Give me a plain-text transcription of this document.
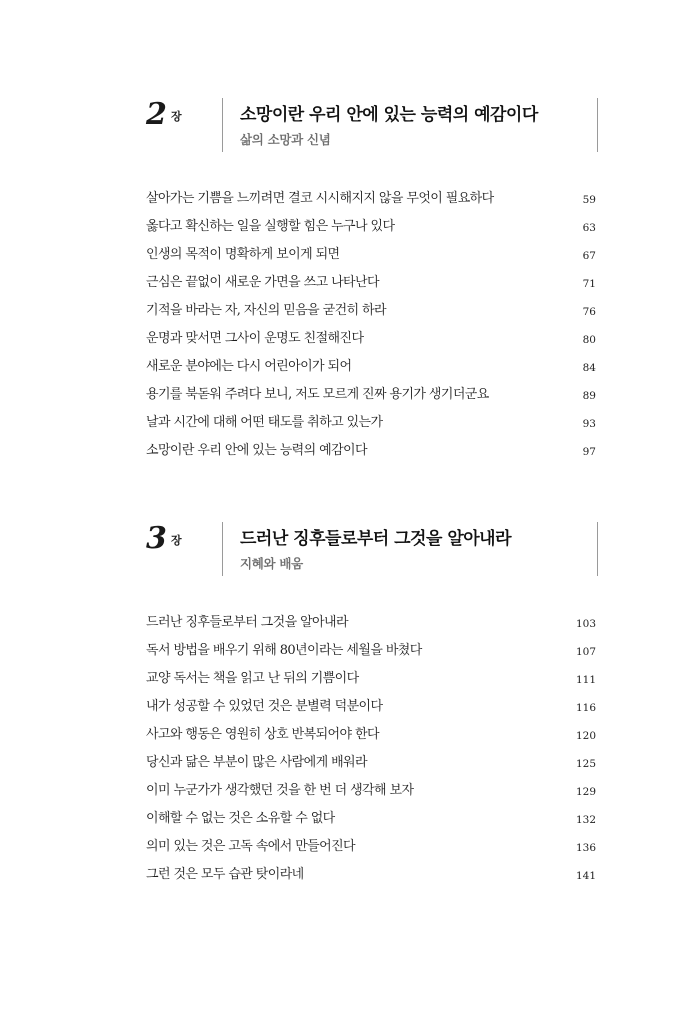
2 장	소망이란 우리 안에 있는 능력의 예감이다
삶의 소망과 신념
살아가는 기쁨을 느끼려면 결코 시시해지지 않을 무엇이 필요하다	59
옳다고 확신하는 일을 실행할 힘은 누구나 있다	63
인생의 목적이 명확하게 보이게 되면	67
근심은 끝없이 새로운 가면을 쓰고 나타난다	71
기적을 바라는 자, 자신의 믿음을 굳건히 하라	76
운명과 맞서면 그사이 운명도 친절해진다	80
새로운 분야에는 다시 어린아이가 되어	84
용기를 북돋워 주려다 보니, 저도 모르게 진짜 용기가 생기더군요	89
날과 시간에 대해 어떤 태도를 취하고 있는가	93
소망이란 우리 안에 있는 능력의 예감이다	97
3 장	드러난 징후들로부터 그것을 알아내라
지혜와 배움
드러난 징후들로부터 그것을 알아내라	103
독서 방법을 배우기 위해 80년이라는 세월을 바쳤다	107
교양 독서는 책을 읽고 난 뒤의 기쁨이다	111
내가 성공할 수 있었던 것은 분별력 덕분이다	116
사고와 행동은 영원히 상호 반복되어야 한다	120
당신과 닮은 부분이 많은 사람에게 배워라	125
이미 누군가가 생각했던 것을 한 번 더 생각해 보자	129
이해할 수 없는 것은 소유할 수 없다	132
의미 있는 것은 고독 속에서 만들어진다	136
그런 것은 모두 습관 탓이라네	141
